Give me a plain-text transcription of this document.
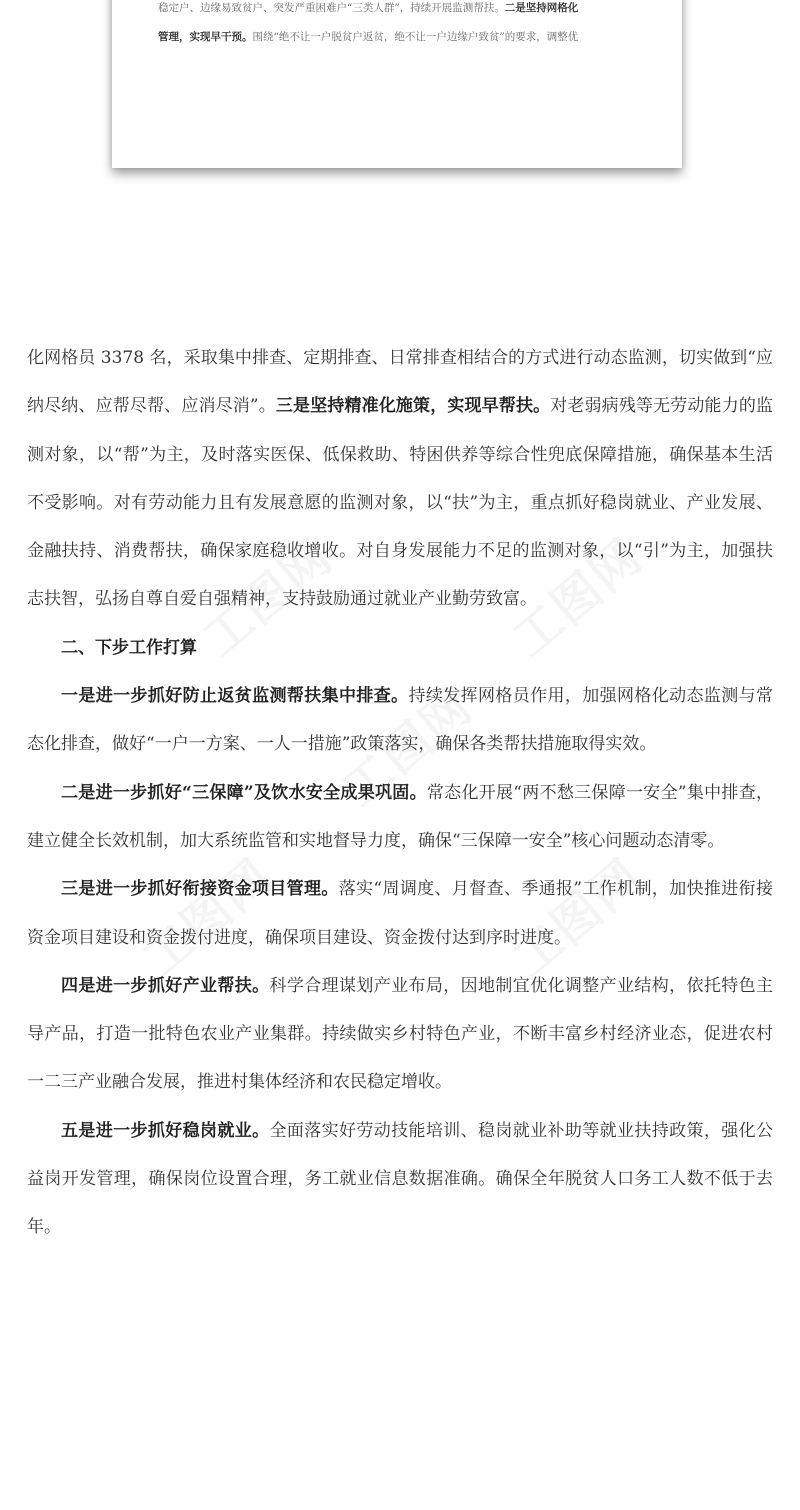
稳定户、边缘易致贫户、突发严重困难户“三类人群”，持续开展监测帮扶。二是坚持网格化
管理，实现早干预。围绕“绝不让一户脱贫户返贫，绝不让一户边缘户致贫”的要求，调整优

化网格员 3378 名，采取集中排查、定期排查、日常排查相结合的方式进行动态监测，切实做到“应纳尽纳、应帮尽帮、应消尽消”。三是坚持精准化施策，实现早帮扶。对老弱病残等无劳动能力的监测对象，以“帮”为主，及时落实医保、低保救助、特困供养等综合性兜底保障措施，确保基本生活不受影响。对有劳动能力且有发展意愿的监测对象，以“扶”为主，重点抓好稳岗就业、产业发展、金融扶持、消费帮扶，确保家庭稳收增收。对自身发展能力不足的监测对象，以“引”为主，加强扶志扶智，弘扬自尊自爱自强精神，支持鼓励通过就业产业勤劳致富。

二、下步工作打算

一是进一步抓好防止返贫监测帮扶集中排查。持续发挥网格员作用，加强网格化动态监测与常态化排查，做好“一户一方案、一人一措施”政策落实，确保各类帮扶措施取得实效。

二是进一步抓好“三保障”及饮水安全成果巩固。常态化开展“两不愁三保障一安全”集中排查，建立健全长效机制，加大系统监管和实地督导力度，确保“三保障一安全”核心问题动态清零。

三是进一步抓好衔接资金项目管理。落实“周调度、月督查、季通报”工作机制，加快推进衔接资金项目建设和资金拨付进度，确保项目建设、资金拨付达到序时进度。

四是进一步抓好产业帮扶。科学合理谋划产业布局，因地制宜优化调整产业结构，依托特色主导产品，打造一批特色农业产业集群。持续做实乡村特色产业，不断丰富乡村经济业态，促进农村一二三产业融合发展，推进村集体经济和农民稳定增收。

五是进一步抓好稳岗就业。全面落实好劳动技能培训、稳岗就业补助等就业扶持政策，强化公益岗开发管理，确保岗位设置合理，务工就业信息数据准确。确保全年脱贫人口务工人数不低于去年。
